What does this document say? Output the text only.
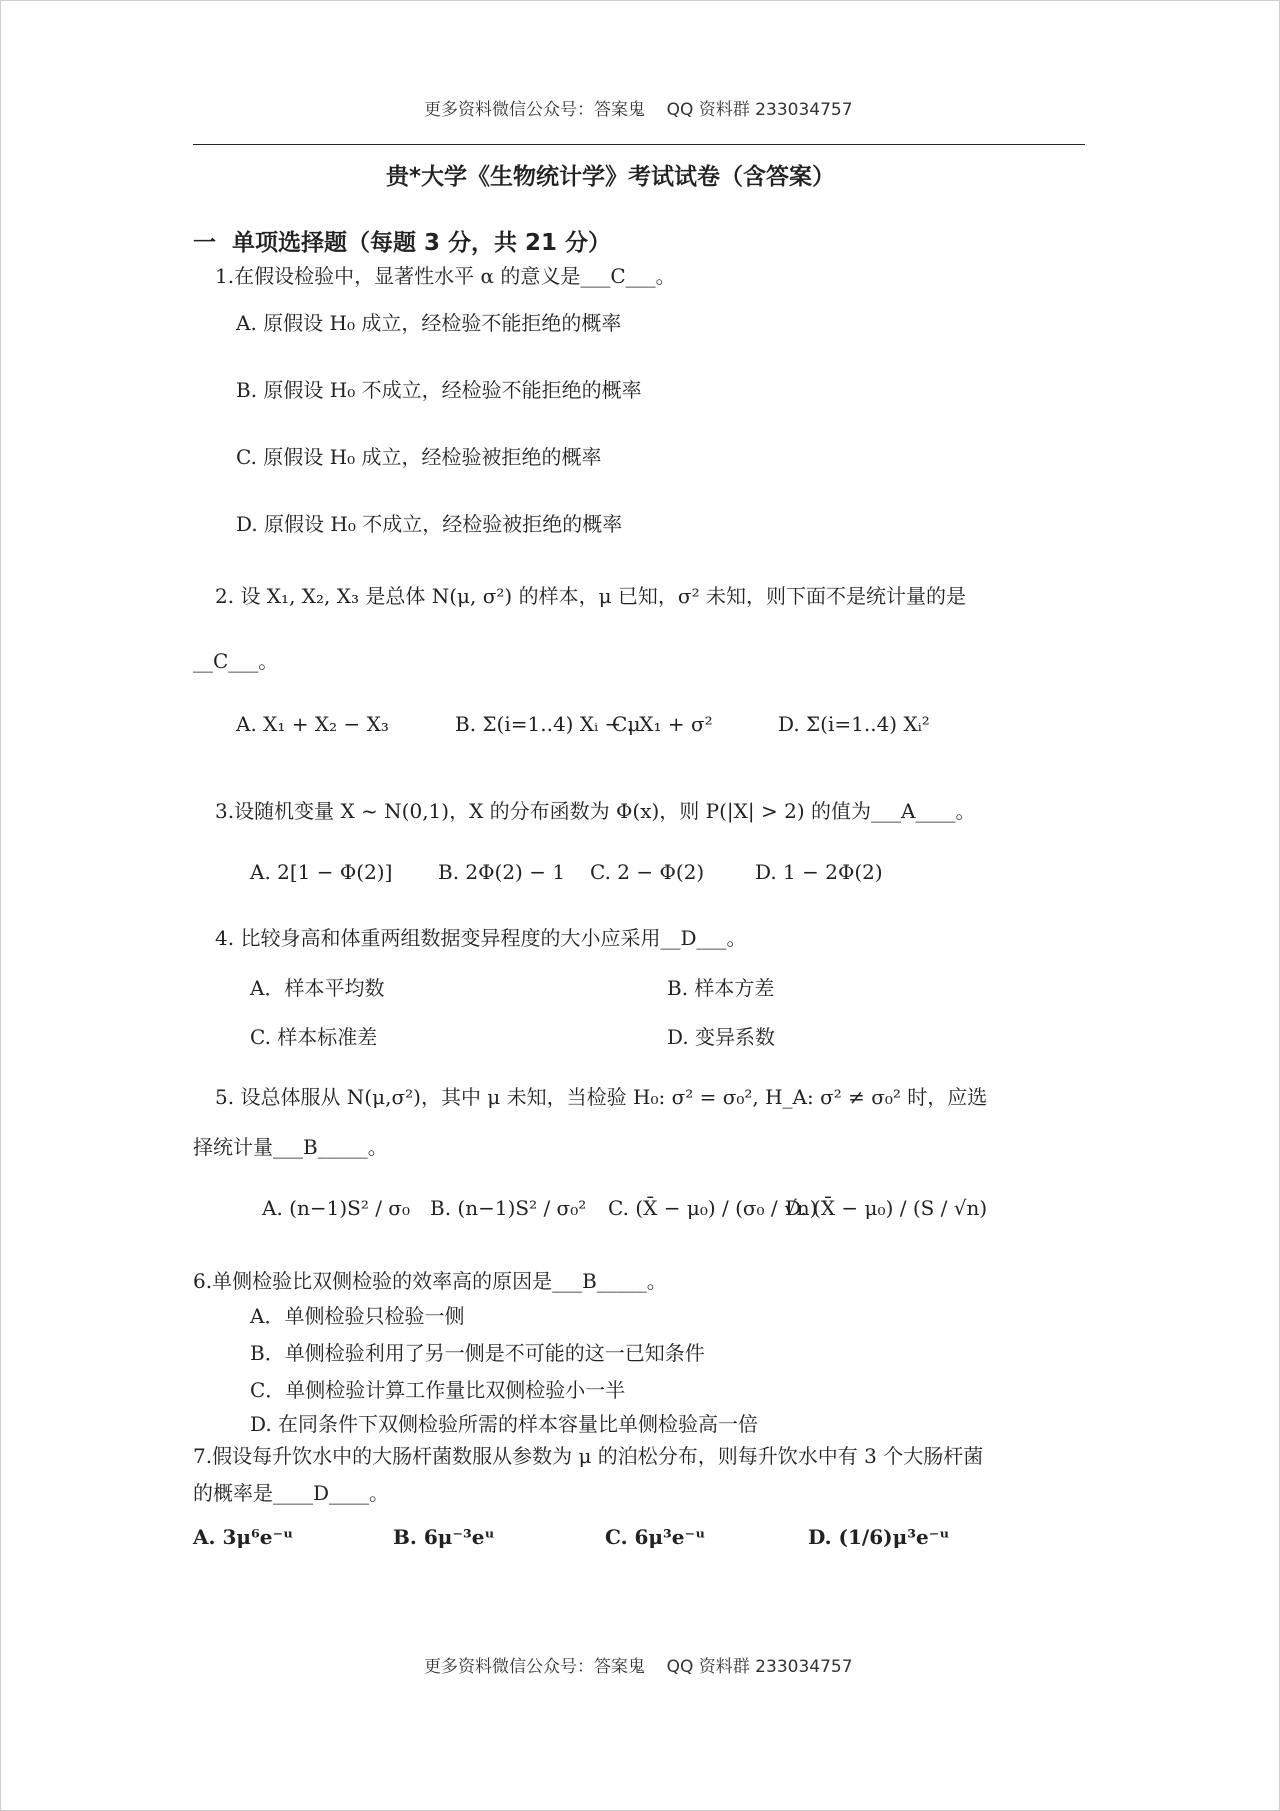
更多资料微信公众号：答案鬼    QQ 资料群 233034757
贵*大学《生物统计学》考试试卷（含答案）
一  单项选择题（每题 3 分，共 21 分）
1.在假设检验中，显著性水平 α 的意义是___C___。
A. 原假设 H₀ 成立，经检验不能拒绝的概率
B. 原假设 H₀ 不成立，经检验不能拒绝的概率
C. 原假设 H₀ 成立，经检验被拒绝的概率
D. 原假设 H₀ 不成立，经检验被拒绝的概率
2. 设 X₁, X₂, X₃ 是总体 N(μ, σ²) 的样本，μ 已知，σ² 未知，则下面不是统计量的是
__C___。
A. X₁ + X₂ − X₃	B. Σ(i=1..4) Xᵢ − μ
C. X₁ + σ²	D. Σ(i=1..4) Xᵢ²
3.设随机变量 X ~ N(0,1)，X 的分布函数为 Φ(x)，则 P(|X| > 2) 的值为___A____。
A. 2[1 − Φ(2)] B. 2Φ(2) − 1 C. 2 − Φ(2)	D. 1 − 2Φ(2)
4. 比较身高和体重两组数据变异程度的大小应采用__D___。
A．样本平均数	B. 样本方差
C. 样本标准差	D. 变异系数
5. 设总体服从 N(μ,σ²)，其中 μ 未知，当检验 H₀: σ² = σ₀², H_A: σ² ≠ σ₀² 时，应选
择统计量___B_____。
A. (n−1)S² / σ₀ B. (n−1)S² / σ₀² C. (X̄ − μ₀) / (σ₀ / √n)
D. (X̄ − μ₀) / (S / √n)
6.单侧检验比双侧检验的效率高的原因是___B_____。
A．单侧检验只检验一侧
B．单侧检验利用了另一侧是不可能的这一已知条件
C．单侧检验计算工作量比双侧检验小一半
D. 在同条件下双侧检验所需的样本容量比单侧检验高一倍
7.假设每升饮水中的大肠杆菌数服从参数为 μ 的泊松分布，则每升饮水中有 3 个大肠杆菌
的概率是____D____。
A. 3μ⁶e⁻ᵘ	B. 6μ⁻³eᵘ	C. 6μ³e⁻ᵘ	D. (1/6)μ³e⁻ᵘ
更多资料微信公众号：答案鬼    QQ 资料群 233034757
